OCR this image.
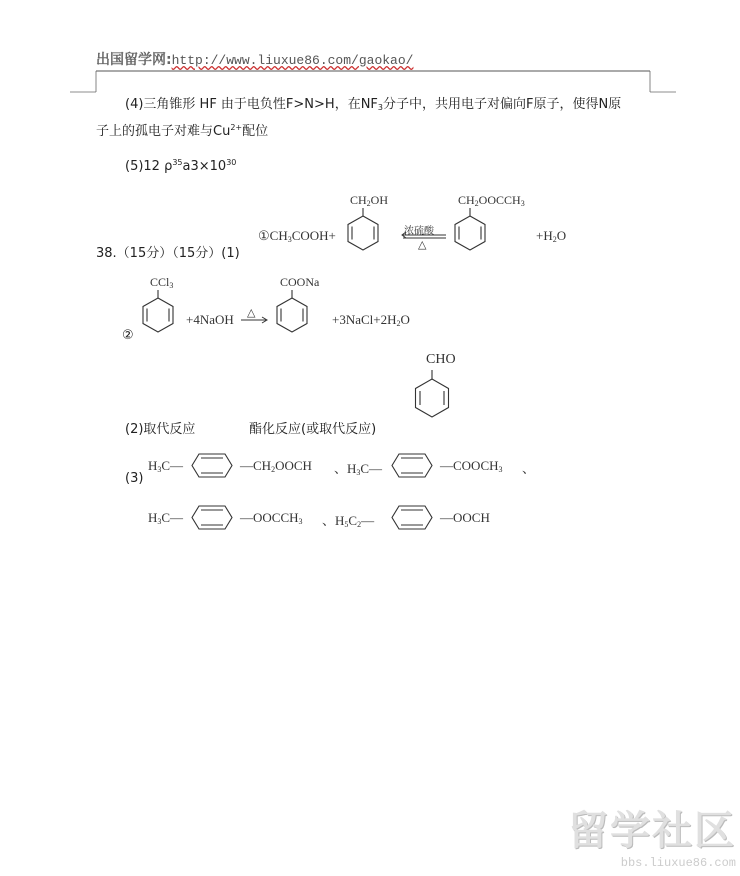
出国留学网:http://www.liuxue86.com/gaokao/
(4)三角锥形 HF 由于电负性F>N>H，在$NF_3$分子中，共用电子对偏向F原子，使得N原
子上的孤电子对难与$Cu^{2+}$配位
(5)12 $\rho^{35}a3\times 10^{30}$
38.（15分）（15分）(1)
$①CH_3COOH+$
$CH_2OH$
浓硫酸
△
$CH_2OOCCH_3$
$+H_2O$
CCl$_3$
②
+4NaOH △
COONa
$+3NaCl+2H_2O$
CHO
(2)取代反应	酯化反应(或取代反应)
(3)
$H_3C—$	$—CH_2OOCH$ 、$H_3C—$	$—COOCH_3$ 、
$H_3C—$	$—OOCCH_3$ 、$H_5C_2—$	—OOCH
留学社区
bbs.liuxue86.com
